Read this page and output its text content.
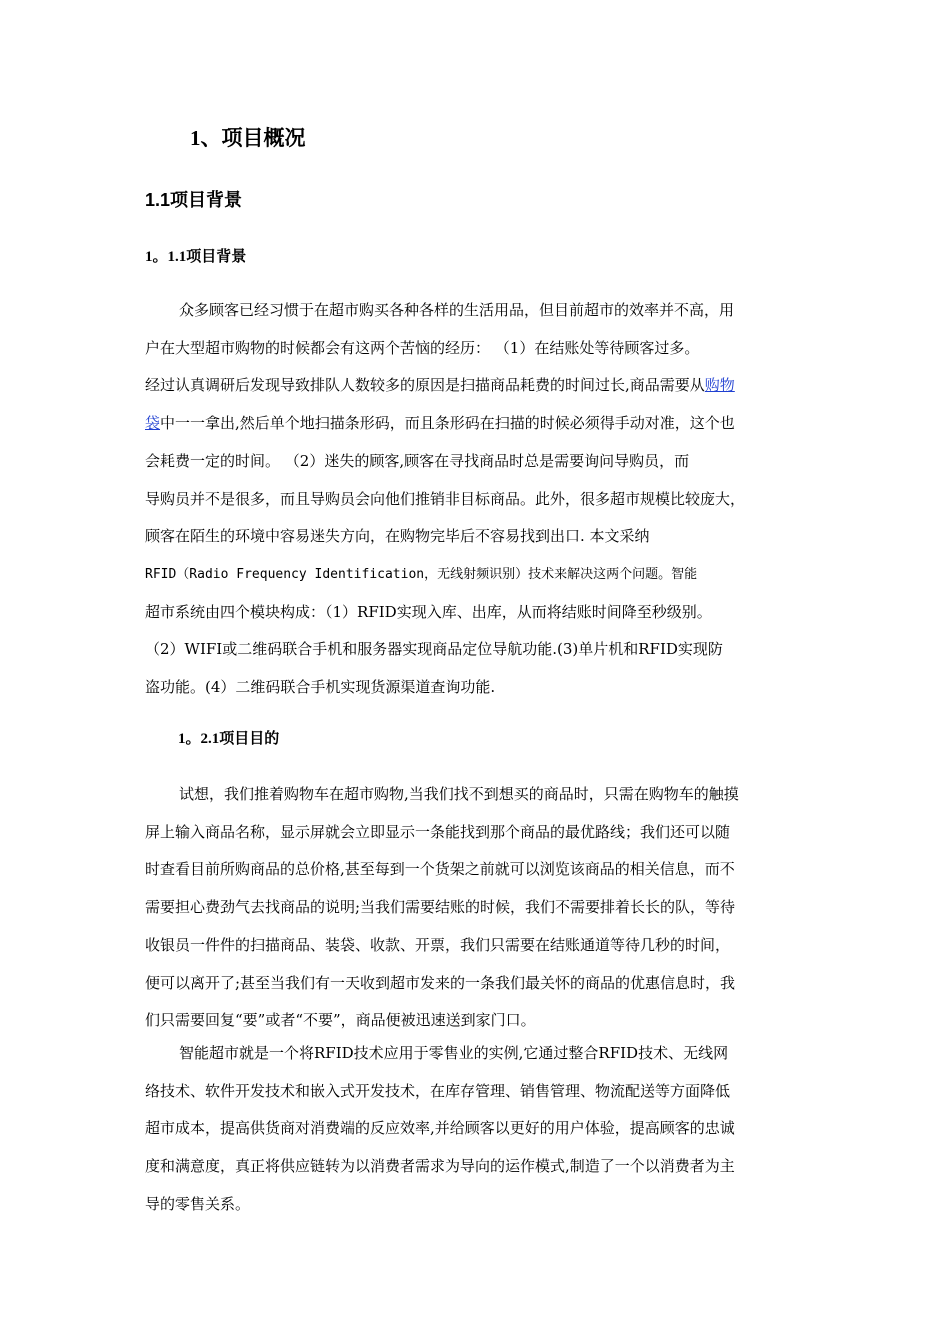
1、项目概况
1.1项目背景
1。1.1项目背景
众多顾客已经习惯于在超市购买各种各样的生活用品，但目前超市的效率并不高，用
户在大型超市购物的时候都会有这两个苦恼的经历： （1）在结账处等待顾客过多。
经过认真调研后发现导致排队人数较多的原因是扫描商品耗费的时间过长,商品需要从购物
袋中一一拿出,然后单个地扫描条形码，而且条形码在扫描的时候必须得手动对准，这个也
会耗费一定的时间。 （2）迷失的顾客,顾客在寻找商品时总是需要询问导购员，而
导购员并不是很多，而且导购员会向他们推销非目标商品。此外，很多超市规模比较庞大，
顾客在陌生的环境中容易迷失方向，在购物完毕后不容易找到出口. 本文采纳
RFID（Radio Frequency Identification，无线射频识别）技术来解决这两个问题。智能
超市系统由四个模块构成：（1）RFID实现入库、出库，从而将结账时间降至秒级别。
（2）WIFI或二维码联合手机和服务器实现商品定位导航功能.(3)单片机和RFID实现防
盗功能。(4）二维码联合手机实现货源渠道查询功能.
1。2.1项目目的
试想，我们推着购物车在超市购物,当我们找不到想买的商品时，只需在购物车的触摸
屏上输入商品名称，显示屏就会立即显示一条能找到那个商品的最优路线；我们还可以随
时查看目前所购商品的总价格,甚至每到一个货架之前就可以浏览该商品的相关信息，而不
需要担心费劲气去找商品的说明;当我们需要结账的时候，我们不需要排着长长的队，等待
收银员一件件的扫描商品、装袋、收款、开票，我们只需要在结账通道等待几秒的时间，
便可以离开了;甚至当我们有一天收到超市发来的一条我们最关怀的商品的优惠信息时，我
们只需要回复“要”或者“不要”，商品便被迅速送到家门口。
智能超市就是一个将RFID技术应用于零售业的实例,它通过整合RFID技术、无线网
络技术、软件开发技术和嵌入式开发技术，在库存管理、销售管理、物流配送等方面降低
超市成本，提高供货商对消费端的反应效率,并给顾客以更好的用户体验，提高顾客的忠诚
度和满意度，真正将供应链转为以消费者需求为导向的运作模式,制造了一个以消费者为主
导的零售关系。
